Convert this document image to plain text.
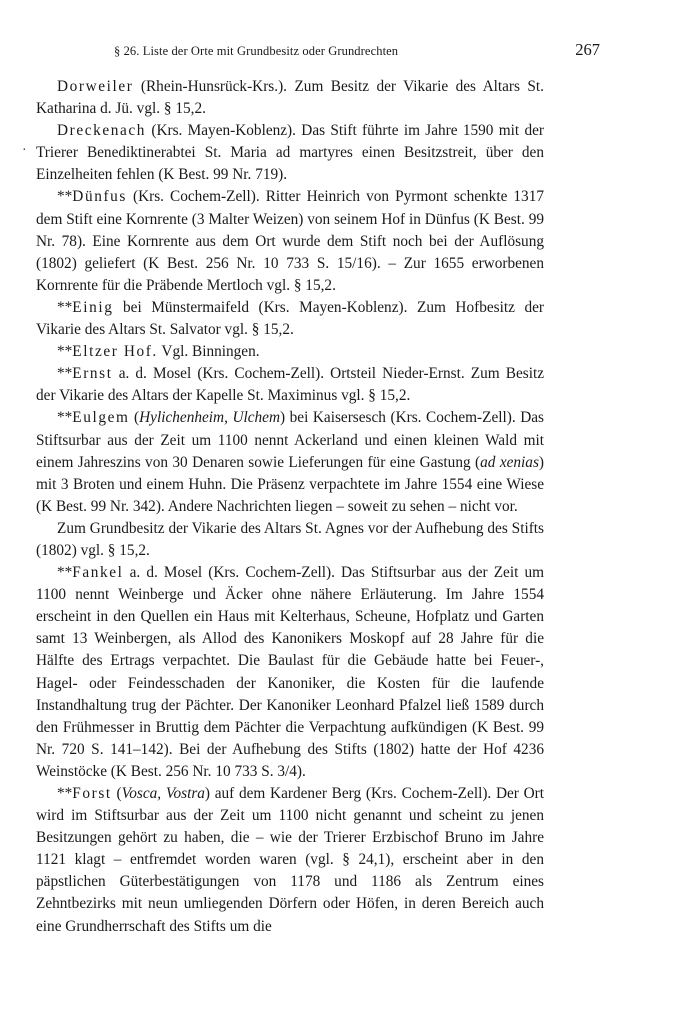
§ 26. Liste der Orte mit Grundbesitz oder Grundrechten	267
·

Dorweiler (Rhein-Hunsrück-Krs.). Zum Besitz der Vikarie des Altars St. Katharina d. Jü. vgl. § 15,2.

Dreckenach (Krs. Mayen-Koblenz). Das Stift führte im Jahre 1590 mit der Trierer Benediktinerabtei St. Maria ad martyres einen Besitzstreit, über den Einzelheiten fehlen (K Best. 99 Nr. 719).

**Dünfus (Krs. Cochem-Zell). Ritter Heinrich von Pyrmont schenkte 1317 dem Stift eine Kornrente (3 Malter Weizen) von seinem Hof in Dünfus (K Best. 99 Nr. 78). Eine Kornrente aus dem Ort wurde dem Stift noch bei der Auflösung (1802) geliefert (K Best. 256 Nr. 10 733 S. 15/16). – Zur 1655 erworbenen Kornrente für die Präbende Mertloch vgl. § 15,2.

**Einig bei Münstermaifeld (Krs. Mayen-Koblenz). Zum Hofbesitz der Vikarie des Altars St. Salvator vgl. § 15,2.

**Eltzer Hof. Vgl. Binningen.

**Ernst a. d. Mosel (Krs. Cochem-Zell). Ortsteil Nieder-Ernst. Zum Besitz der Vikarie des Altars der Kapelle St. Maximinus vgl. § 15,2.

**Eulgem (Hylichenheim, Ulchem) bei Kaisersesch (Krs. Cochem-Zell). Das Stiftsurbar aus der Zeit um 1100 nennt Ackerland und einen kleinen Wald mit einem Jahreszins von 30 Denaren sowie Lieferungen für eine Gastung (ad xenias) mit 3 Broten und einem Huhn. Die Präsenz verpachtete im Jahre 1554 eine Wiese (K Best. 99 Nr. 342). Andere Nachrichten liegen – soweit zu sehen – nicht vor.

Zum Grundbesitz der Vikarie des Altars St. Agnes vor der Aufhebung des Stifts (1802) vgl. § 15,2.

**Fankel a. d. Mosel (Krs. Cochem-Zell). Das Stiftsurbar aus der Zeit um 1100 nennt Weinberge und Äcker ohne nähere Erläuterung. Im Jahre 1554 erscheint in den Quellen ein Haus mit Kelterhaus, Scheune, Hofplatz und Garten samt 13 Weinbergen, als Allod des Kanonikers Moskopf auf 28 Jahre für die Hälfte des Ertrags verpachtet. Die Baulast für die Gebäude hatte bei Feuer-, Hagel- oder Feindesschaden der Kanoniker, die Kosten für die laufende Instandhaltung trug der Pächter. Der Kanoniker Leonhard Pfalzel ließ 1589 durch den Frühmesser in Bruttig dem Pächter die Verpachtung aufkündigen (K Best. 99 Nr. 720 S. 141–142). Bei der Aufhebung des Stifts (1802) hatte der Hof 4236 Weinstöcke (K Best. 256 Nr. 10 733 S. 3/4).

**Forst (Vosca, Vostra) auf dem Kardener Berg (Krs. Cochem-Zell). Der Ort wird im Stiftsurbar aus der Zeit um 1100 nicht genannt und scheint zu jenen Besitzungen gehört zu haben, die – wie der Trierer Erzbischof Bruno im Jahre 1121 klagt – entfremdet worden waren (vgl. § 24,1), erscheint aber in den päpstlichen Güterbestätigungen von 1178 und 1186 als Zentrum eines Zehntbezirks mit neun umliegenden Dörfern oder Höfen, in deren Bereich auch eine Grundherrschaft des Stifts um die
